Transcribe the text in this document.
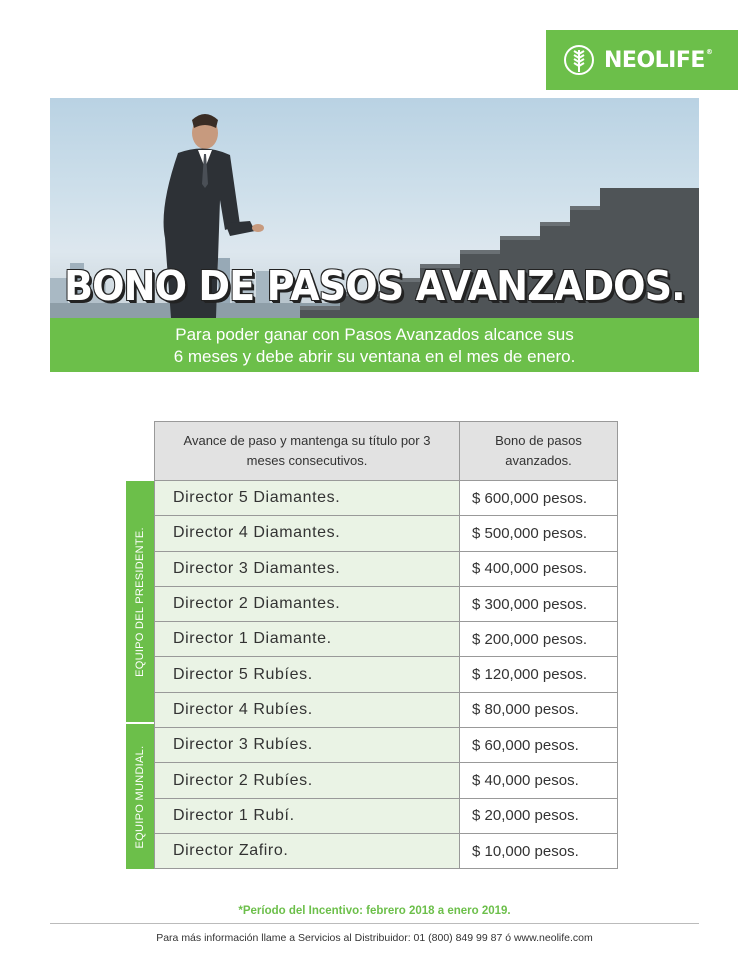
NEOLIFE®
BONO DE PASOS AVANZADOS.
Para poder ganar con Pasos Avanzados alcance sus
6 meses y debe abrir su ventana en el mes de enero.
Avance de paso y mantenga su título por 3 meses consecutivos.
Bono de pasos avanzados.
EQUIPO DEL PRESIDENTE.
EQUIPO MUNDIAL.
Director 5 Diamantes.	$ 600,000 pesos.
Director 4 Diamantes.	$ 500,000 pesos.
Director 3 Diamantes.	$ 400,000 pesos.
Director 2 Diamantes.	$ 300,000 pesos.
Director 1 Diamante.	$ 200,000 pesos.
Director 5 Rubíes.	$ 120,000 pesos.
Director 4 Rubíes.	$ 80,000 pesos.
Director 3 Rubíes.	$ 60,000 pesos.
Director 2 Rubíes.	$ 40,000 pesos.
Director 1 Rubí.	$ 20,000 pesos.
Director Zafiro.	$ 10,000 pesos.
*Período del Incentivo: febrero 2018 a enero 2019.
Para más información llame a Servicios al Distribuidor: 01 (800) 849 99 87 ó www.neolife.com
